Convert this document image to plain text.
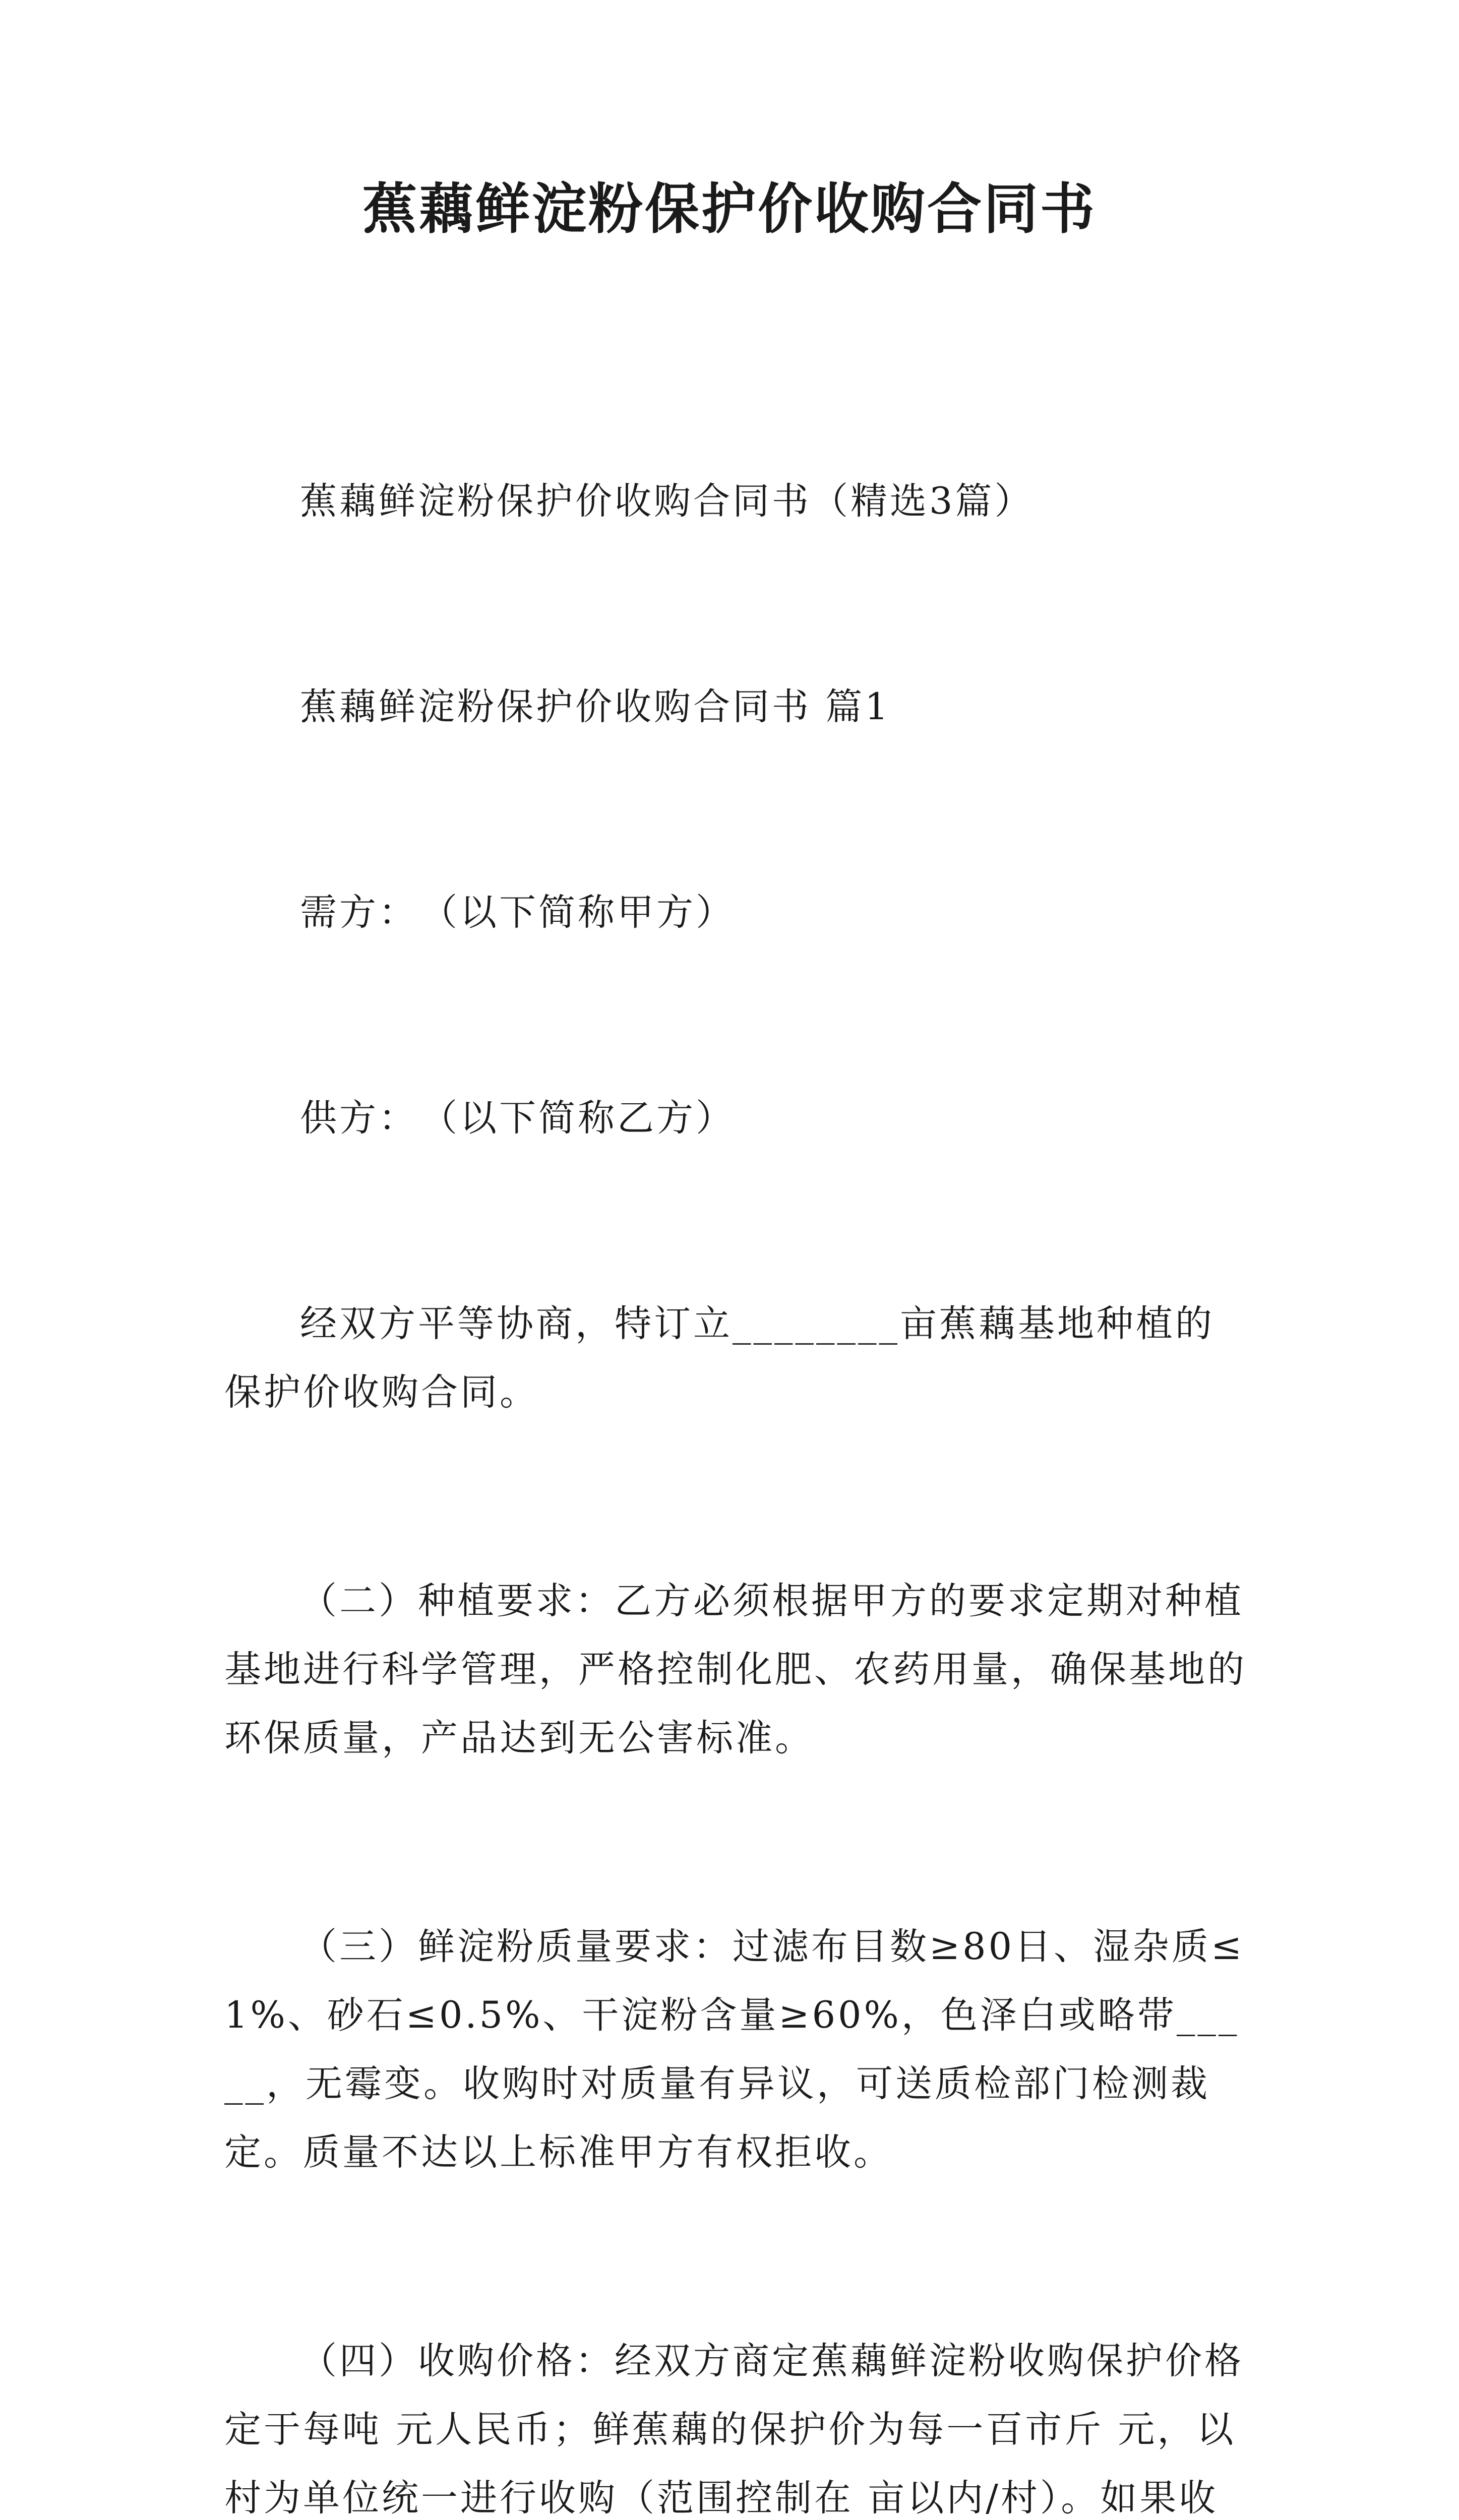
蕉藕鲜淀粉保护价收购合同书

蕉藕鲜淀粉保护价收购合同书（精选3篇）

蕉藕鲜淀粉保护价收购合同书 篇1

需方：　（以下简称甲方）

供方：　（以下简称乙方）

经双方平等协商，特订立________亩蕉藕基地种植的保护价收购合同。

（二）种植要求：乙方必须根据甲方的要求定期对种植基地进行科学管理，严格控制化肥、农药用量，确保基地的环保质量，产品达到无公害标准。

（三）鲜淀粉质量要求：过滤布目数≥80日、湿杂质≤1%、砂石≤0.5%、干淀粉含量≥60%，色泽白或略带_____，无霉变。收购时对质量有异议，可送质检部门检测裁定。质量不达以上标准甲方有权拒收。

（四）收购价格：经双方商定蕉藕鲜淀粉收购保护价格定于每吨 元人民币；鲜蕉藕的保护价为每一百市斤 元，以村为单位统一进行收购（范围控制在 亩以内/村）。如果收
